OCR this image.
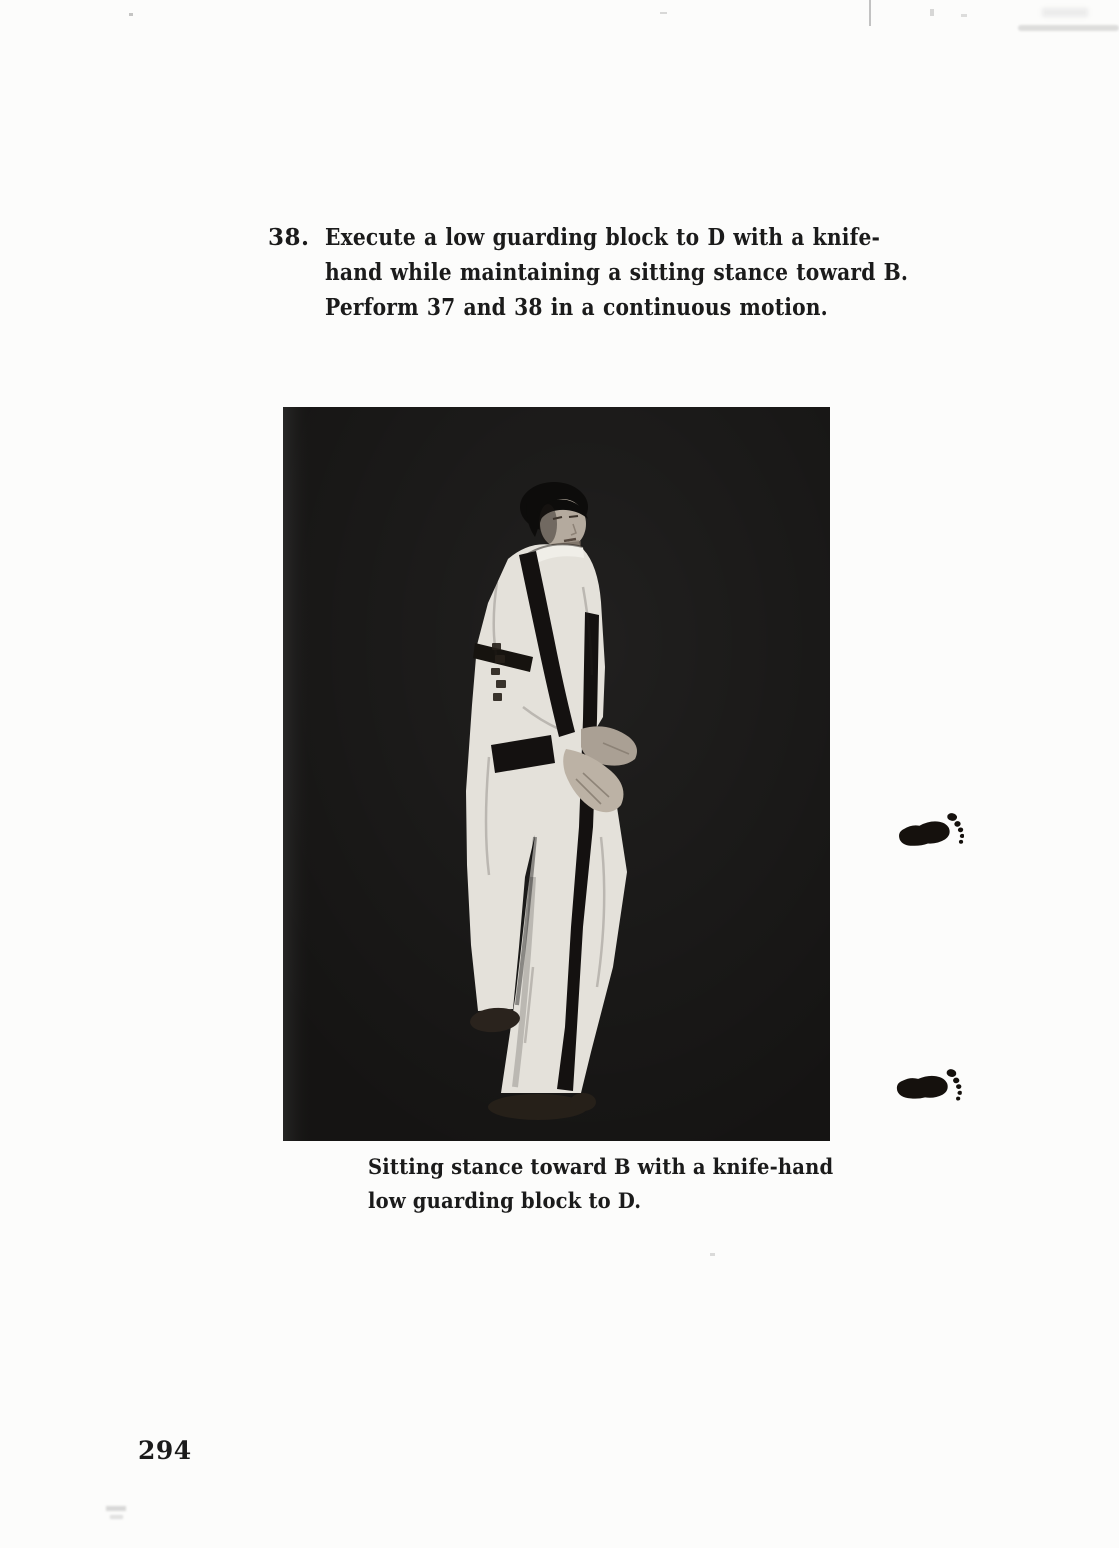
38. Execute a low guarding block to D with a knife-
hand while maintaining a sitting stance toward B.
Perform 37 and 38 in a continuous motion.
Sitting stance toward B with a knife-hand
low guarding block to D.
294
